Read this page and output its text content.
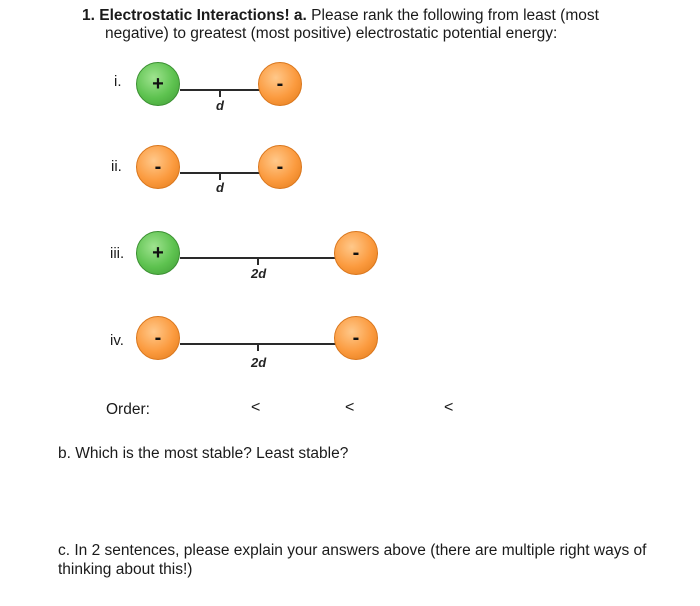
1. Electrostatic Interactions! a. Please rank the following from least (most
negative) to greatest (most positive) electrostatic potential energy:
i. +
d
-
ii. -
d
-
iii. +
2d
-
iv. -
2d
-
Order:	<	<	<
b. Which is the most stable? Least stable?
c. In 2 sentences, please explain your answers above (there are multiple right ways of
thinking about this!)
